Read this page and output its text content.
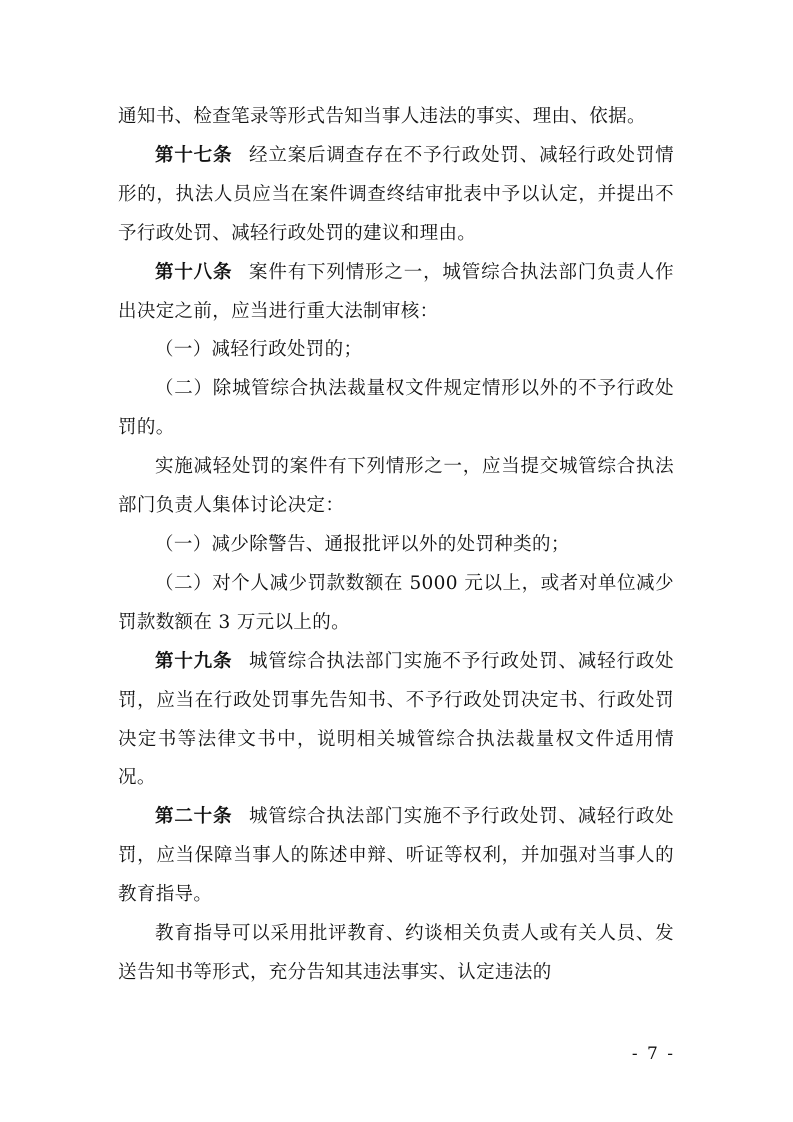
通知书、检查笔录等形式告知当事人违法的事实、理由、依据。

第十七条 经立案后调查存在不予行政处罚、减轻行政处罚情形的，执法人员应当在案件调查终结审批表中予以认定，并提出不予行政处罚、减轻行政处罚的建议和理由。

第十八条 案件有下列情形之一，城管综合执法部门负责人作出决定之前，应当进行重大法制审核：

（一）减轻行政处罚的；

（二）除城管综合执法裁量权文件规定情形以外的不予行政处罚的。

实施减轻处罚的案件有下列情形之一，应当提交城管综合执法部门负责人集体讨论决定：

（一）减少除警告、通报批评以外的处罚种类的；

（二）对个人减少罚款数额在 5000 元以上，或者对单位减少罚款数额在 3 万元以上的。

第十九条 城管综合执法部门实施不予行政处罚、减轻行政处罚，应当在行政处罚事先告知书、不予行政处罚决定书、行政处罚决定书等法律文书中，说明相关城管综合执法裁量权文件适用情况。

第二十条 城管综合执法部门实施不予行政处罚、减轻行政处罚，应当保障当事人的陈述申辩、听证等权利，并加强对当事人的教育指导。

教育指导可以采用批评教育、约谈相关负责人或有关人员、发送告知书等形式，充分告知其违法事实、认定违法的

- 7 -
